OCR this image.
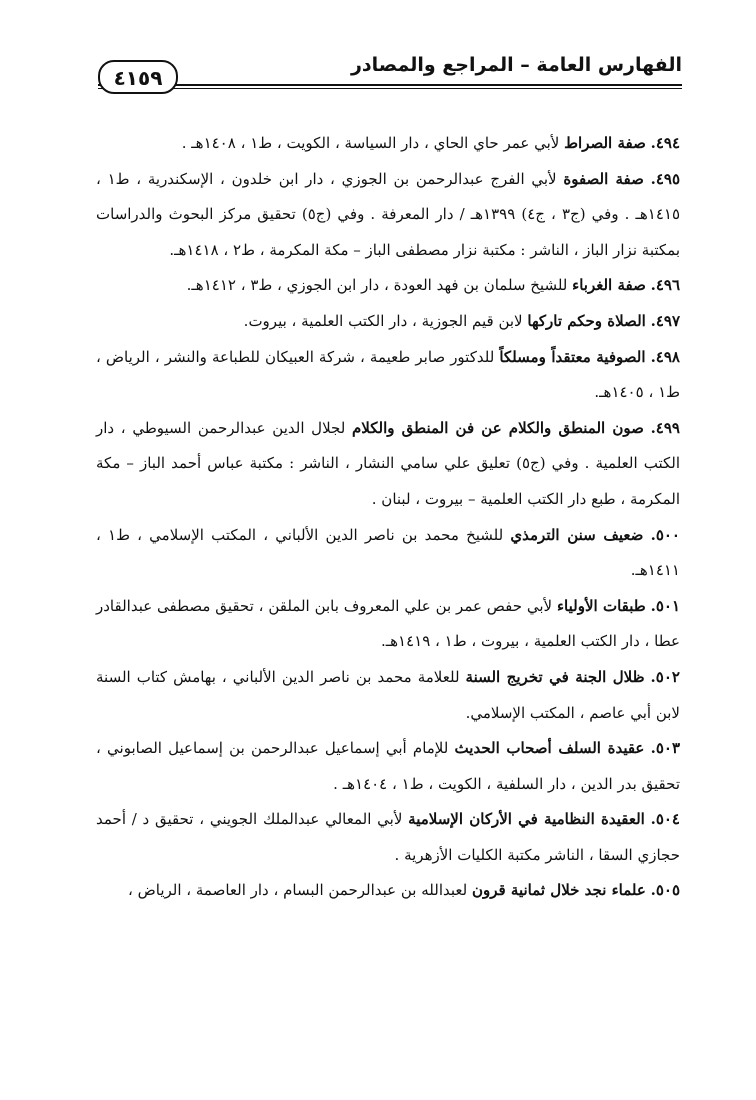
الفهارس العامة – المراجع والمصادر
٤١٥٩

٤٩٤. صفة الصراط لأبي عمر حاي الحاي ، دار السياسة ، الكويت ، ط١ ، ١٤٠٨هـ .

٤٩٥. صفة الصفوة لأبي الفرج عبدالرحمن بن الجوزي ، دار ابن خلدون ، الإسكندرية ، ط١ ، ١٤١٥هـ . وفي (ج٣ ، ج٤) ١٣٩٩هـ / دار المعرفة . وفي (ج٥) تحقيق مركز البحوث والدراسات بمكتبة نزار الباز ، الناشر : مكتبة نزار مصطفى الباز – مكة المكرمة ، ط٢ ، ١٤١٨هـ.

٤٩٦. صفة الغرباء للشيخ سلمان بن فهد العودة ، دار ابن الجوزي ، ط٣ ، ١٤١٢هـ.

٤٩٧. الصلاة وحكم تاركها لابن قيم الجوزية ، دار الكتب العلمية ، بيروت.

٤٩٨. الصوفية معتقداً ومسلكاً للدكتور صابر طعيمة ، شركة العبيكان للطباعة والنشر ، الرياض ، ط١ ، ١٤٠٥هـ.

٤٩٩. صون المنطق والكلام عن فن المنطق والكلام لجلال الدين عبدالرحمن السيوطي ، دار الكتب العلمية . وفي (ج٥) تعليق علي سامي النشار ، الناشر : مكتبة عباس أحمد الباز – مكة المكرمة ، طبع دار الكتب العلمية – بيروت ، لبنان .

٥٠٠. ضعيف سنن الترمذي للشيخ محمد بن ناصر الدين الألباني ، المكتب الإسلامي ، ط١ ، ١٤١١هـ.

٥٠١. طبقات الأولياء لأبي حفص عمر بن علي المعروف بابن الملقن ، تحقيق مصطفى عبدالقادر عطا ، دار الكتب العلمية ، بيروت ، ط١ ، ١٤١٩هـ.

٥٠٢. ظلال الجنة في تخريج السنة للعلامة محمد بن ناصر الدين الألباني ، بهامش كتاب السنة لابن أبي عاصم ، المكتب الإسلامي.

٥٠٣. عقيدة السلف أصحاب الحديث للإمام أبي إسماعيل عبدالرحمن بن إسماعيل الصابوني ، تحقيق بدر الدين ، دار السلفية ، الكويت ، ط١ ، ١٤٠٤هـ .

٥٠٤. العقيدة النظامية في الأركان الإسلامية لأبي المعالي عبدالملك الجويني ، تحقيق د / أحمد حجازي السقا ، الناشر مكتبة الكليات الأزهرية .

٥٠٥. علماء نجد خلال ثمانية قرون لعبدالله بن عبدالرحمن البسام ، دار العاصمة ، الرياض ،
